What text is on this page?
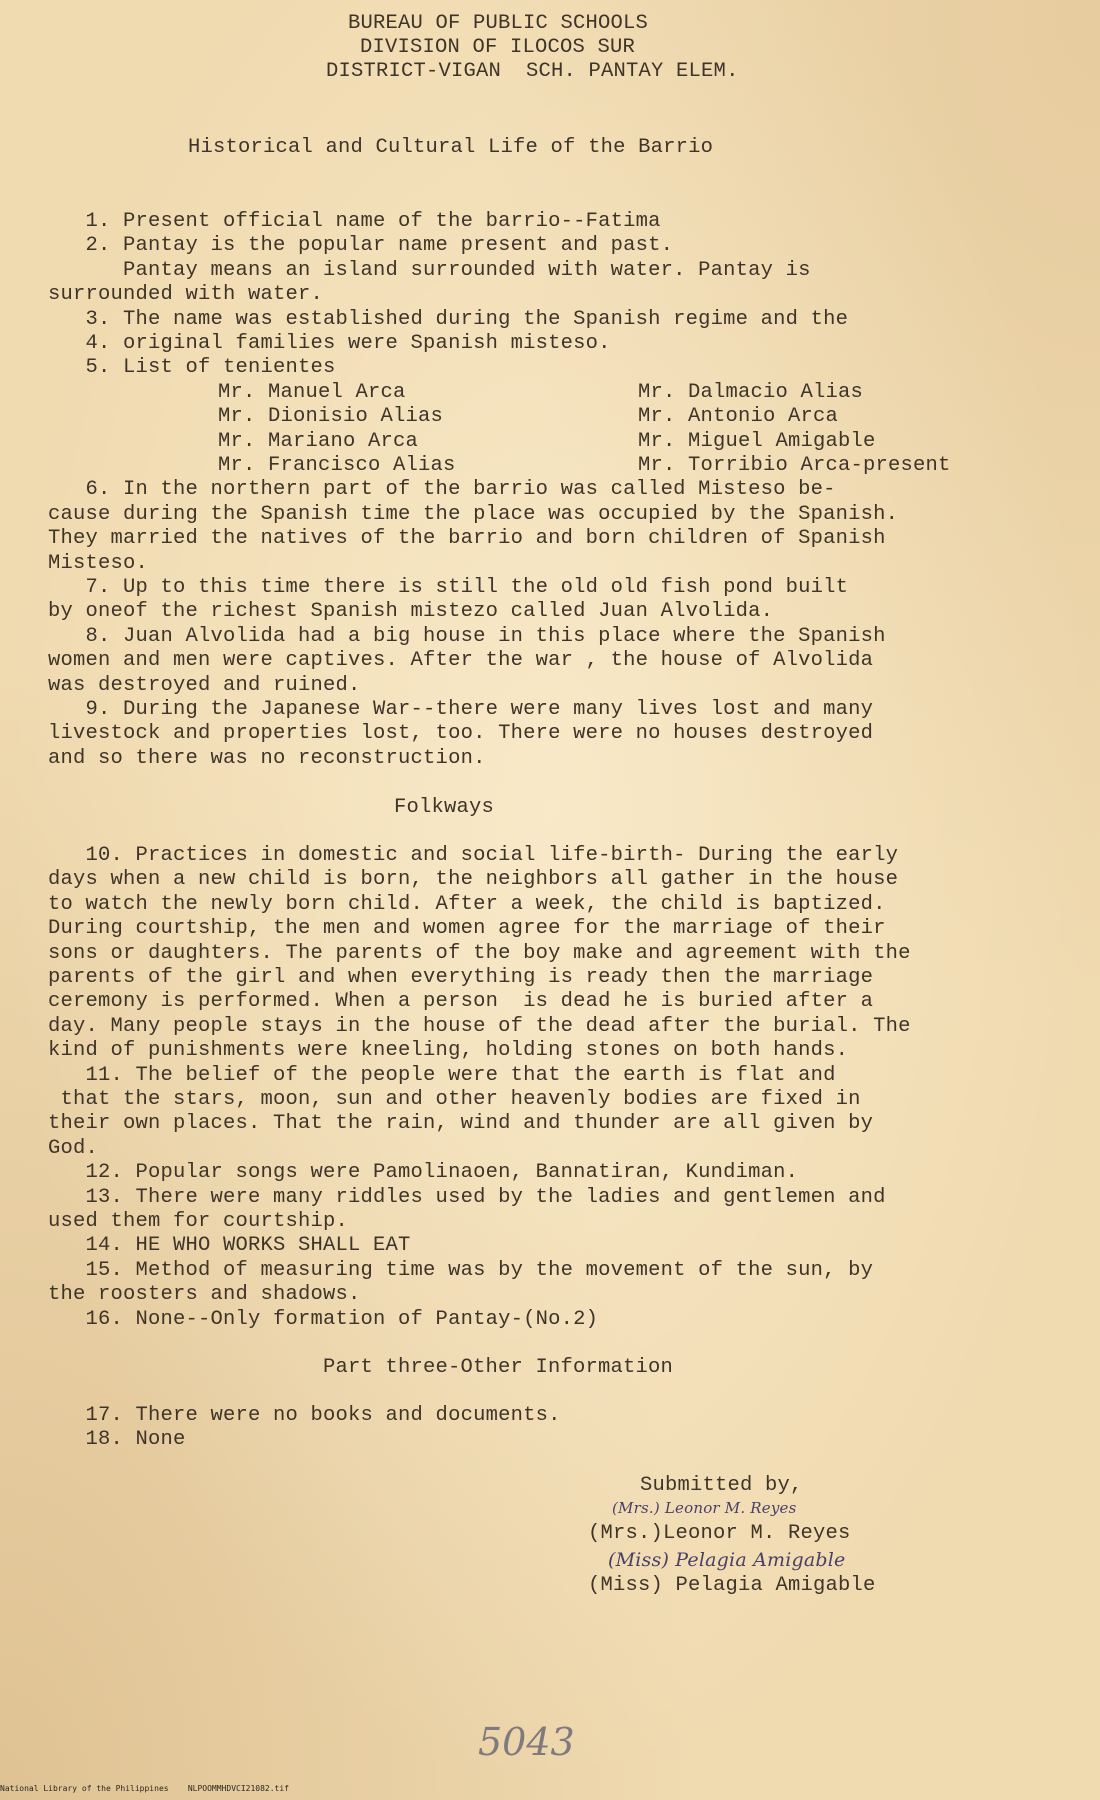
BUREAU OF PUBLIC SCHOOLS

DIVISION OF ILOCOS SUR

DISTRICT-VIGAN  SCH. PANTAY ELEM.

Historical and Cultural Life of the Barrio

1. Present official name of the barrio--Fatima
2. Pantay is the popular name present and past.
Pantay means an island surrounded with water. Pantay is
surrounded with water.
3. The name was established during the Spanish regime and the
4. original families were Spanish misteso.
5. List of tenientes

Mr. Manuel Arca
Mr. Dionisio Alias
Mr. Mariano Arca
Mr. Francisco Alias
Mr. Dalmacio Alias
Mr. Antonio Arca
Mr. Miguel Amigable
Mr. Torribio Arca-present

6. In the northern part of the barrio was called Misteso be-
cause during the Spanish time the place was occupied by the Spanish.
They married the natives of the barrio and born children of Spanish
Misteso.
7. Up to this time there is still the old old fish pond built
by oneof the richest Spanish mistezo called Juan Alvolida.
8. Juan Alvolida had a big house in this place where the Spanish
women and men were captives. After the war , the house of Alvolida
was destroyed and ruined.
9. During the Japanese War--there were many lives lost and many
livestock and properties lost, too. There were no houses destroyed
and so there was no reconstruction.

Folkways

10. Practices in domestic and social life-birth- During the early
days when a new child is born, the neighbors all gather in the house
to watch the newly born child. After a week, the child is baptized.
During courtship, the men and women agree for the marriage of their
sons or daughters. The parents of the boy make and agreement with the
parents of the girl and when everything is ready then the marriage
ceremony is performed. When a person  is dead he is buried after a
day. Many people stays in the house of the dead after the burial. The
kind of punishments were kneeling, holding stones on both hands.
11. The belief of the people were that the earth is flat and
that the stars, moon, sun and other heavenly bodies are fixed in
their own places. That the rain, wind and thunder are all given by
God.
12. Popular songs were Pamolinaoen, Bannatiran, Kundiman.
13. There were many riddles used by the ladies and gentlemen and
used them for courtship.
14. HE WHO WORKS SHALL EAT
15. Method of measuring time was by the movement of the sun, by
the roosters and shadows.
16. None--Only formation of Pantay-(No.2)

Part three-Other Information

17. There were no books and documents.
18. None

Submitted by,

(Mrs.) Leonor M. Reyes

(Mrs.)Leonor M. Reyes

(Miss) Pelagia Amigable

(Miss) Pelagia Amigable

5043
National Library of the Philippines    NLPOOMMHDVCI21082.tif
